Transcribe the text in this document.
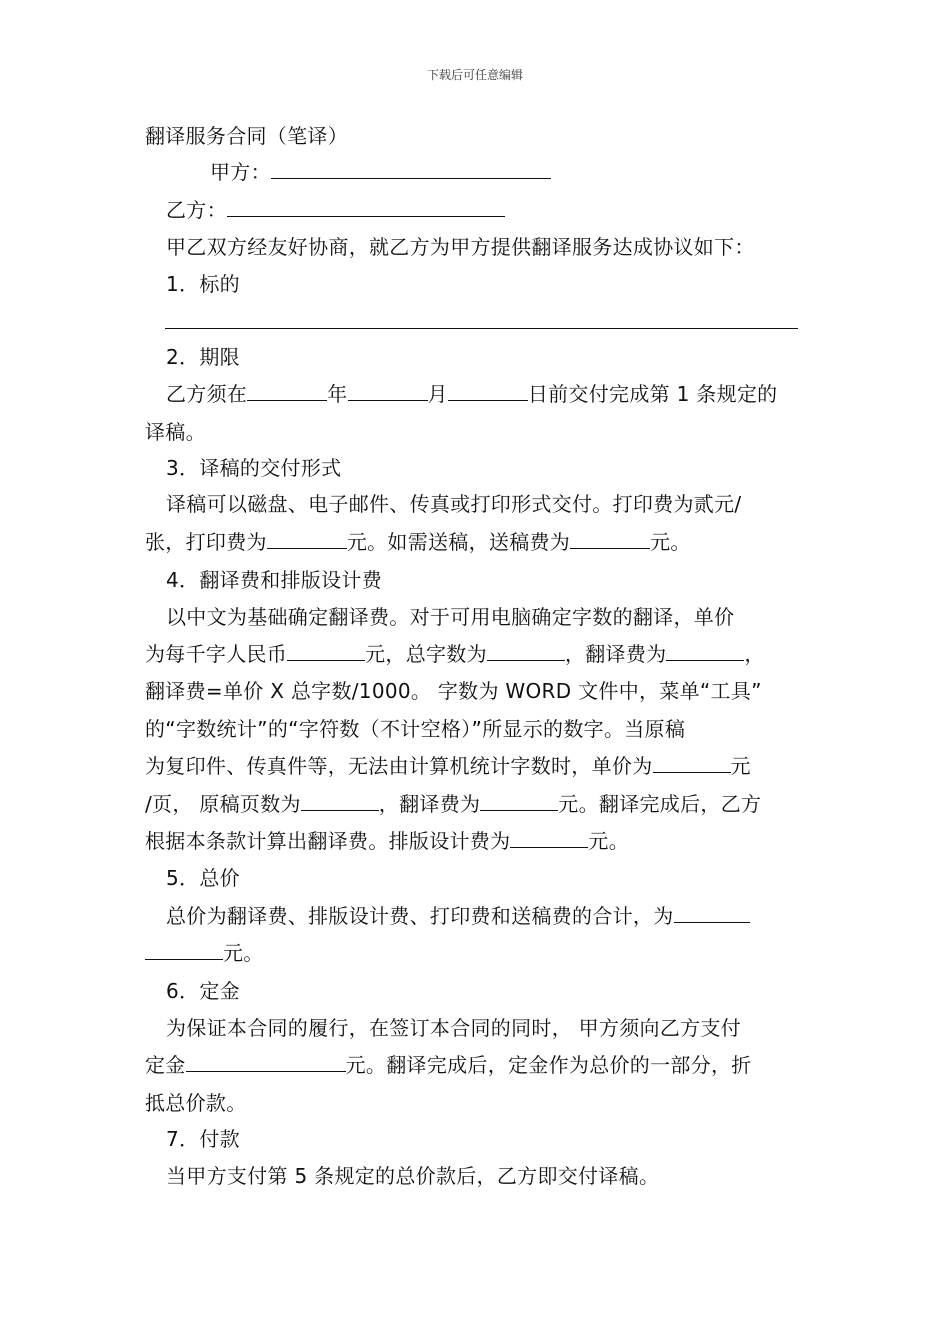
下载后可任意编辑
翻译服务合同（笔译）
甲方：
乙方：
甲乙双方经友好协商，就乙方为甲方提供翻译服务达成协议如下：
1．标的
2．期限
乙方须在	年	月	日前交付完成第 1 条规定的
译稿。
3．译稿的交付形式
译稿可以磁盘、电子邮件、传真或打印形式交付。打印费为贰元/
张，打印费为	元。如需送稿，送稿费为	元。
4．翻译费和排版设计费
以中文为基础确定翻译费。对于可用电脑确定字数的翻译，单价
为每千字人民币	元，总字数为	，翻译费为	，
翻译费=单价 X 总字数/1000。 字数为 WORD 文件中，菜单“工具”
的“字数统计”的“字符数（不计空格）”所显示的数字。当原稿
为复印件、传真件等，无法由计算机统计字数时，单价为	元
/页， 原稿页数为	，翻译费为	元。翻译完成后，乙方
根据本条款计算出翻译费。排版设计费为	元。
5．总价
总价为翻译费、排版设计费、打印费和送稿费的合计，为
元。
6．定金
为保证本合同的履行，在签订本合同的同时， 甲方须向乙方支付
定金	元。翻译完成后，定金作为总价的一部分，折
抵总价款。
7．付款
当甲方支付第 5 条规定的总价款后，乙方即交付译稿。
